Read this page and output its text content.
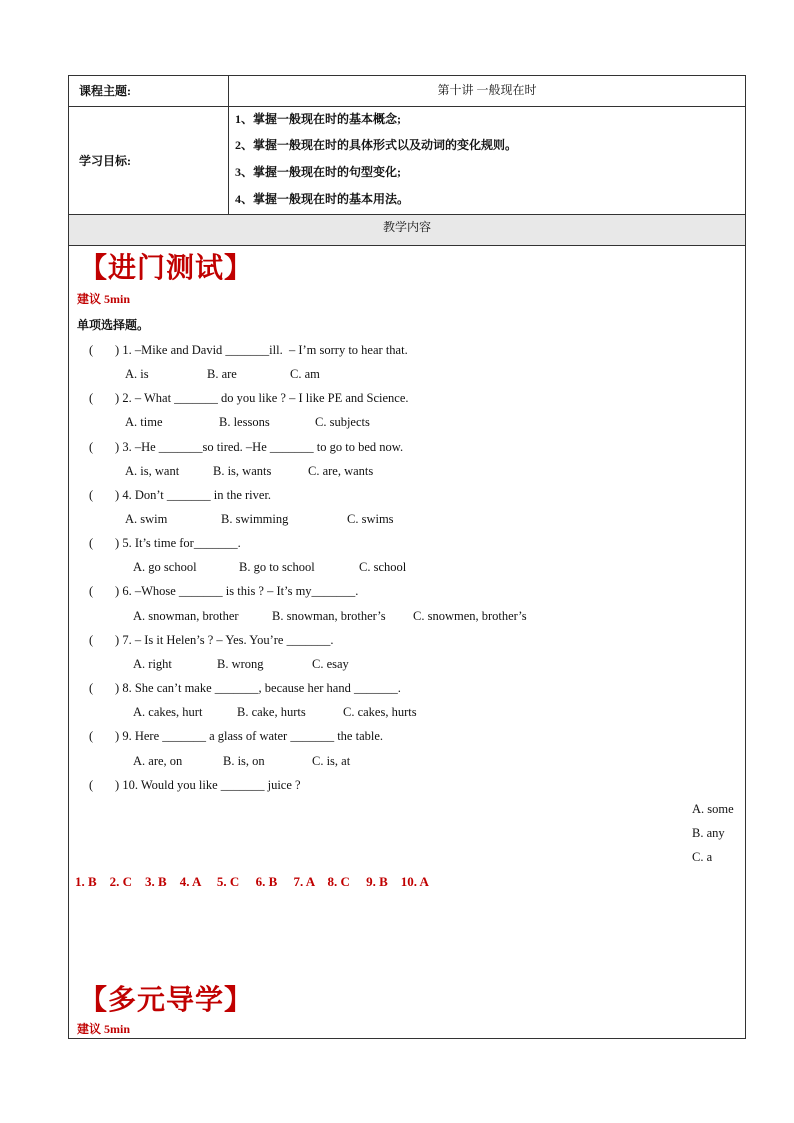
课程主题:	第十讲 一般现在时
学习目标:
1、掌握一般现在时的基本概念;
2、掌握一般现在时的具体形式以及动词的变化规则。
3、掌握一般现在时的句型变化;
4、掌握一般现在时的基本用法。
教学内容
【进门测试】
建议 5min
单项选择题。
(       ) 1. –Mike and David _______ill.  – I’m sorry to hear that.
A. is	B. are	C. am
(       ) 2. – What _______ do you like ? – I like PE and Science.
A. time	B. lessons	C. subjects
(       ) 3. –He _______so tired. –He _______ to go to bed now.
A. is, want	B. is, wants	C. are, wants
(       ) 4. Don’t _______ in the river.
A. swim	B. swimming	C. swims
(       ) 5. It’s time for_______.
A. go school	B. go to school	C. school
(       ) 6. –Whose _______ is this ? – It’s my_______.
A. snowman, brother	B. snowman, brother’s C. snowmen, brother’s
(       ) 7. – Is it Helen’s ? – Yes. You’re _______.
A. right	B. wrong	C. esay
(       ) 8. She can’t make _______, because her hand _______.
A. cakes, hurt	B. cake, hurts	C. cakes, hurts
(       ) 9. Here _______ a glass of water _______ the table.
A. are, on	B. is, on	C. is, at
(       ) 10. Would you like _______ juice ?
A. some
B. any
C. a
1. B    2. C    3. B    4. A     5. C     6. B     7. A    8. C     9. B    10. A
【多元导学】
建议 5min
